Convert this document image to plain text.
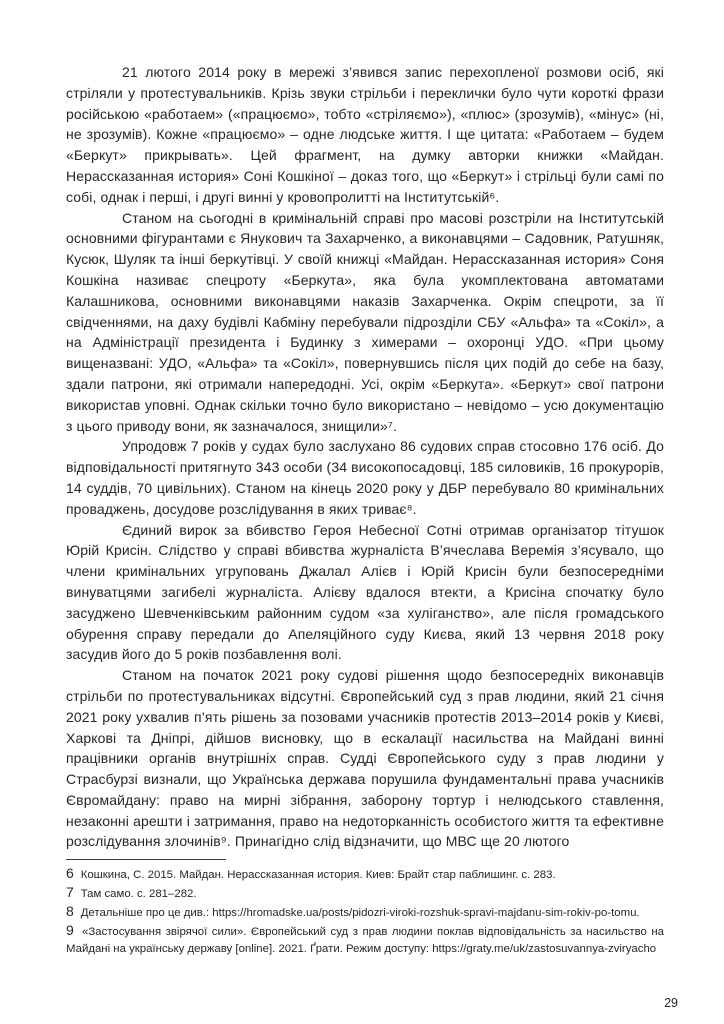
21 лютого 2014 року в мережі з’явився запис перехопленої розмови осіб, які стріляли у протестувальників. Крізь звуки стрільби і переклички було чути короткі фрази російською «работаем» («працюємо», тобто «стріляємо»), «плюс» (зрозумів), «мінус» (ні, не зрозумів). Кожне «працюємо» – одне людське життя. І ще цитата: «Работаем – будем «Беркут» прикрывать». Цей фрагмент, на думку авторки книжки «Майдан. Нерассказанная история» Соні Кошкіної – доказ того, що «Беркут» і стрільці були самі по собі, однак і перші, і другі винні у кровопролитті на Інститутській⁶.

Станом на сьогодні в кримінальній справі про масові розстріли на Інститутській основними фігурантами є Янукович та Захарченко, а виконавцями – Садовник, Ратушняк, Кусюк, Шуляк та інші беркутівці. У своїй книжці «Майдан. Нерассказанная история» Соня Кошкіна називає спецроту «Беркута», яка була укомплектована автоматами Калашникова, основними виконавцями наказів Захарченка. Окрім спецроти, за її свідченнями, на даху будівлі Кабміну перебували підрозділи СБУ «Альфа» та «Сокіл», а на Адміністрації президента і Будинку з химерами – охоронці УДО. «При цьому вищеназвані: УДО, «Альфа» та «Сокіл», повернувшись після цих подій до себе на базу, здали патрони, які отримали напередодні. Усі, окрім «Беркута». «Беркут» свої патрони використав уповні. Однак скільки точно було використано – невідомо – усю документацію з цього приводу вони, як зазначалося, знищили»⁷.

Упродовж 7 років у судах було заслухано 86 судових справ стосовно 176 осіб. До відповідальності притягнуто 343 особи (34 високопосадовці, 185 силовиків, 16 прокурорів, 14 суддів, 70 цивільних). Станом на кінець 2020 року у ДБР перебувало 80 кримінальних проваджень, досудове розслідування в яких триває⁸.

Єдиний вирок за вбивство Героя Небесної Сотні отримав організатор тітушок Юрій Крисін. Слідство у справі вбивства журналіста В’ячеслава Веремія з’ясувало, що члени кримінальних угруповань Джалал Алієв і Юрій Крисін були безпосередніми винуватцями загибелі журналіста. Алієву вдалося втекти, а Крисіна спочатку було засуджено Шевченківським районним судом «за хуліганство», але після громадського обурення справу передали до Апеляційного суду Києва, який 13 червня 2018 року засудив його до 5 років позбавлення волі.

Станом на початок 2021 року судові рішення щодо безпосередніх виконавців стрільби по протестувальниках відсутні. Європейський суд з прав людини, який 21 січня 2021 року ухвалив п’ять рішень за позовами учасників протестів 2013–2014 років у Києві, Харкові та Дніпрі, дійшов висновку, що в ескалації насильства на Майдані винні працівники органів внутрішніх справ. Судді Європейського суду з прав людини у Страсбурзі визнали, що Українська держава порушила фундаментальні права учасників Євромайдану: право на мирні зібрання, заборону тортур і нелюдського ставлення, незаконні арешти і затримання, право на недоторканність особистого життя та ефективне розслідування злочинів⁹. Принагідно слід відзначити, що МВС ще 20 лютого

6 Кошкина, С. 2015. Майдан. Нерассказанная история. Киев: Брайт стар паблишинг. с. 283.

7 Там само. с. 281–282.

8 Детальніше про це див.: https://hromadske.ua/posts/pidozri-viroki-rozshuk-spravi-majdanu-sim-rokiv-po-tomu.

9 «Застосування звірячої сили». Європейський суд з прав людини поклав відповідальність за насильство на Майдані на українську державу [online]. 2021. Ґрати. Режим доступу: https://graty.me/uk/zastosuvannya-zviryacho

29
